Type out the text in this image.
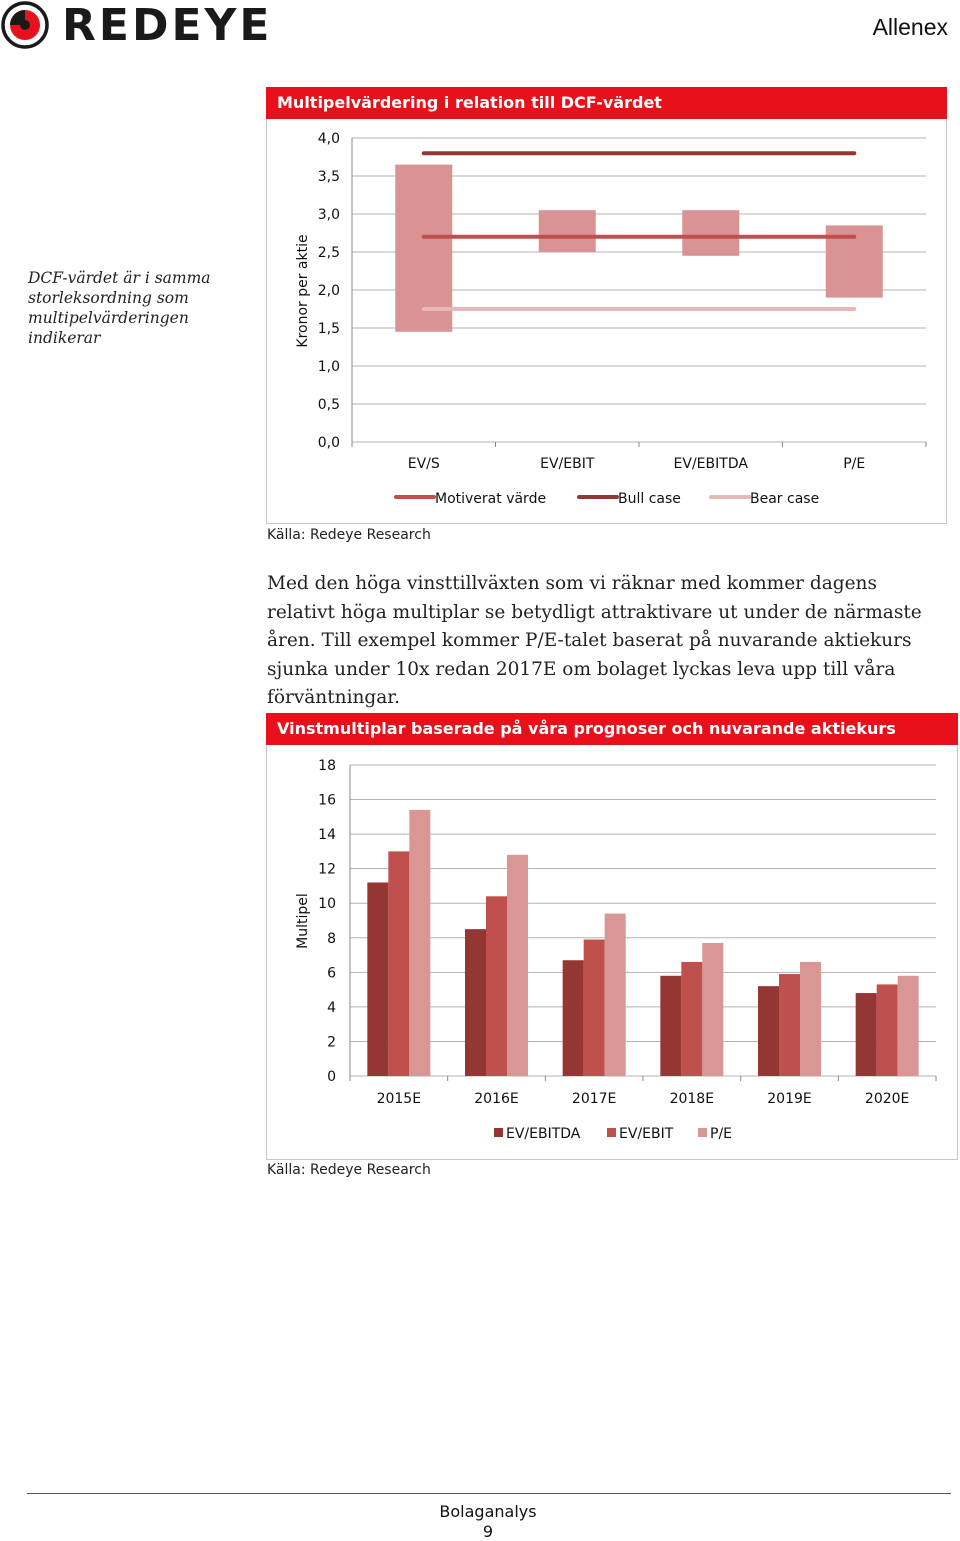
REDEYE	Allenex
DCF-värdet är i samma storleksordning som multipelvärderingen indikerar
Multipelvärdering i relation till DCF-värdet
0,0
0,5
1,0
1,5
2,0
2,5
3,0
3,5
4,0
EV/S	EV/EBIT	EV/EBITDA	P/E
Kronor per aktie
Motiverat värde	Bull case	Bear case
Källa: Redeye Research
Med den höga vinsttillväxten som vi räknar med kommer dagens relativt höga multiplar se betydligt attraktivare ut under de närmaste åren. Till exempel kommer P/E-talet baserat på nuvarande aktiekurs sjunka under 10x redan 2017E om bolaget lyckas leva upp till våra förväntningar.
Vinstmultiplar baserade på våra prognoser och nuvarande aktiekurs
0
2
4
6
8
10
12
14
16
18
2015E	2016E	2017E	2018E	2019E	2020E
Multipel
EV/EBITDA	EV/EBIT	P/E
Källa: Redeye Research
Bolaganalys
9
